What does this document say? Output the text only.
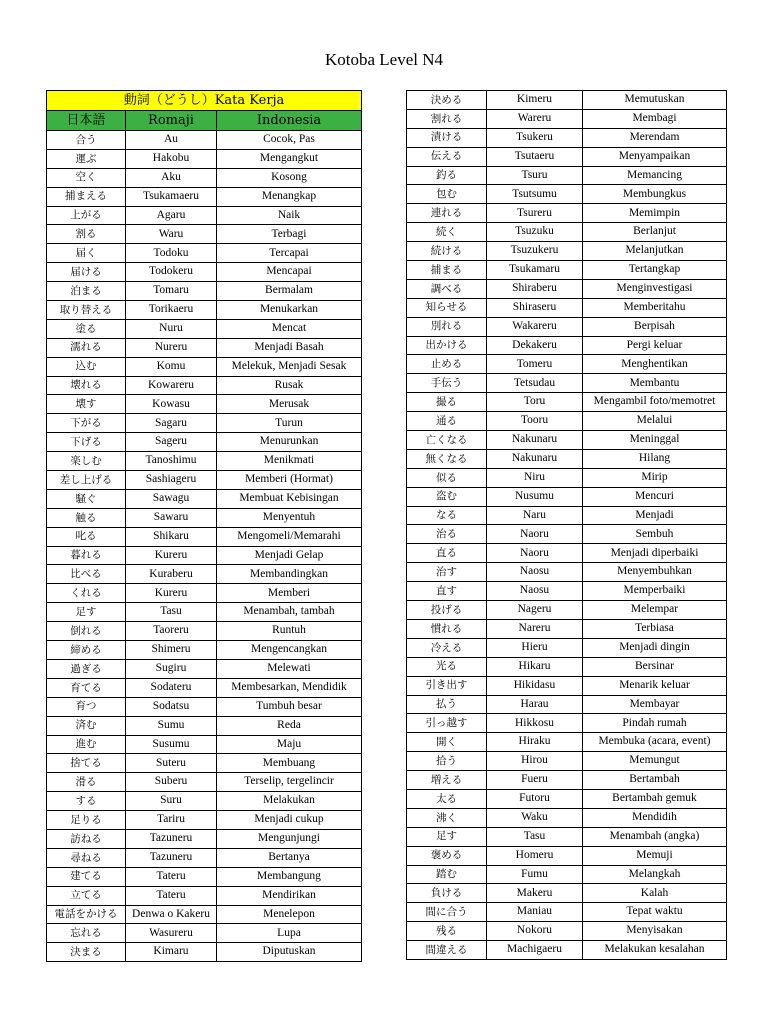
Kotoba Level N4
動詞（どうし）Kata Kerja		
日本語	Romaji	Indonesia
合う	Au	Cocok, Pas
運ぶ	Hakobu	Mengangkut
空く	Aku	Kosong
捕まえる	Tsukamaeru	Menangkap
上がる	Agaru	Naik
割る	Waru	Terbagi
届く	Todoku	Tercapai
届ける	Todokeru	Mencapai
泊まる	Tomaru	Bermalam
取り替える	Torikaeru	Menukarkan
塗る	Nuru	Mencat
濡れる	Nureru	Menjadi Basah
込む	Komu	Melekuk, Menjadi Sesak
壊れる	Kowareru	Rusak
壊す	Kowasu	Merusak
下がる	Sagaru	Turun
下げる	Sageru	Menurunkan
楽しむ	Tanoshimu	Menikmati
差し上げる	Sashiageru	Memberi (Hormat)
騒ぐ	Sawagu	Membuat Kebisingan
触る	Sawaru	Menyentuh
叱る	Shikaru	Mengomeli/Memarahi
暮れる	Kureru	Menjadi Gelap
比べる	Kuraberu	Membandingkan
くれる	Kureru	Memberi
足す	Tasu	Menambah, tambah
倒れる	Taoreru	Runtuh
締める	Shimeru	Mengencangkan
過ぎる	Sugiru	Melewati
育てる	Sodateru	Membesarkan, Mendidik
育つ	Sodatsu	Tumbuh besar
済む	Sumu	Reda
進む	Susumu	Maju
捨てる	Suteru	Membuang
滑る	Suberu	Terselip, tergelincir
する	Suru	Melakukan
足りる	Tariru	Menjadi cukup
訪ねる	Tazuneru	Mengunjungi
尋ねる	Tazuneru	Bertanya
建てる	Tateru	Membangung
立てる	Tateru	Mendirikan
電話をかける	Denwa o Kakeru	Menelepon
忘れる	Wasureru	Lupa
決まる	Kimaru	Diputuskan
決める	Kimeru	Memutuskan
割れる	Wareru	Membagi
漬ける	Tsukeru	Merendam
伝える	Tsutaeru	Menyampaikan
釣る	Tsuru	Memancing
包む	Tsutsumu	Membungkus
連れる	Tsureru	Memimpin
続く	Tsuzuku	Berlanjut
続ける	Tsuzukeru	Melanjutkan
捕まる	Tsukamaru	Tertangkap
調べる	Shiraberu	Menginvestigasi
知らせる	Shiraseru	Memberitahu
別れる	Wakareru	Berpisah
出かける	Dekakeru	Pergi keluar
止める	Tomeru	Menghentikan
手伝う	Tetsudau	Membantu
撮る	Toru	Mengambil foto/memotret
通る	Tooru	Melalui
亡くなる	Nakunaru	Meninggal
無くなる	Nakunaru	Hilang
似る	Niru	Mirip
盗む	Nusumu	Mencuri
なる	Naru	Menjadi
治る	Naoru	Sembuh
直る	Naoru	Menjadi diperbaiki
治す	Naosu	Menyembuhkan
直す	Naosu	Memperbaiki
投げる	Nageru	Melempar
慣れる	Nareru	Terbiasa
冷える	Hieru	Menjadi dingin
光る	Hikaru	Bersinar
引き出す	Hikidasu	Menarik keluar
払う	Harau	Membayar
引っ越す	Hikkosu	Pindah rumah
開く	Hiraku	Membuka (acara, event)
拾う	Hirou	Memungut
増える	Fueru	Bertambah
太る	Futoru	Bertambah gemuk
沸く	Waku	Mendidih
足す	Tasu	Menambah (angka)
褒める	Homeru	Memuji
踏む	Fumu	Melangkah
負ける	Makeru	Kalah
間に合う	Maniau	Tepat waktu
残る	Nokoru	Menyisakan
間違える	Machigaeru	Melakukan kesalahan
